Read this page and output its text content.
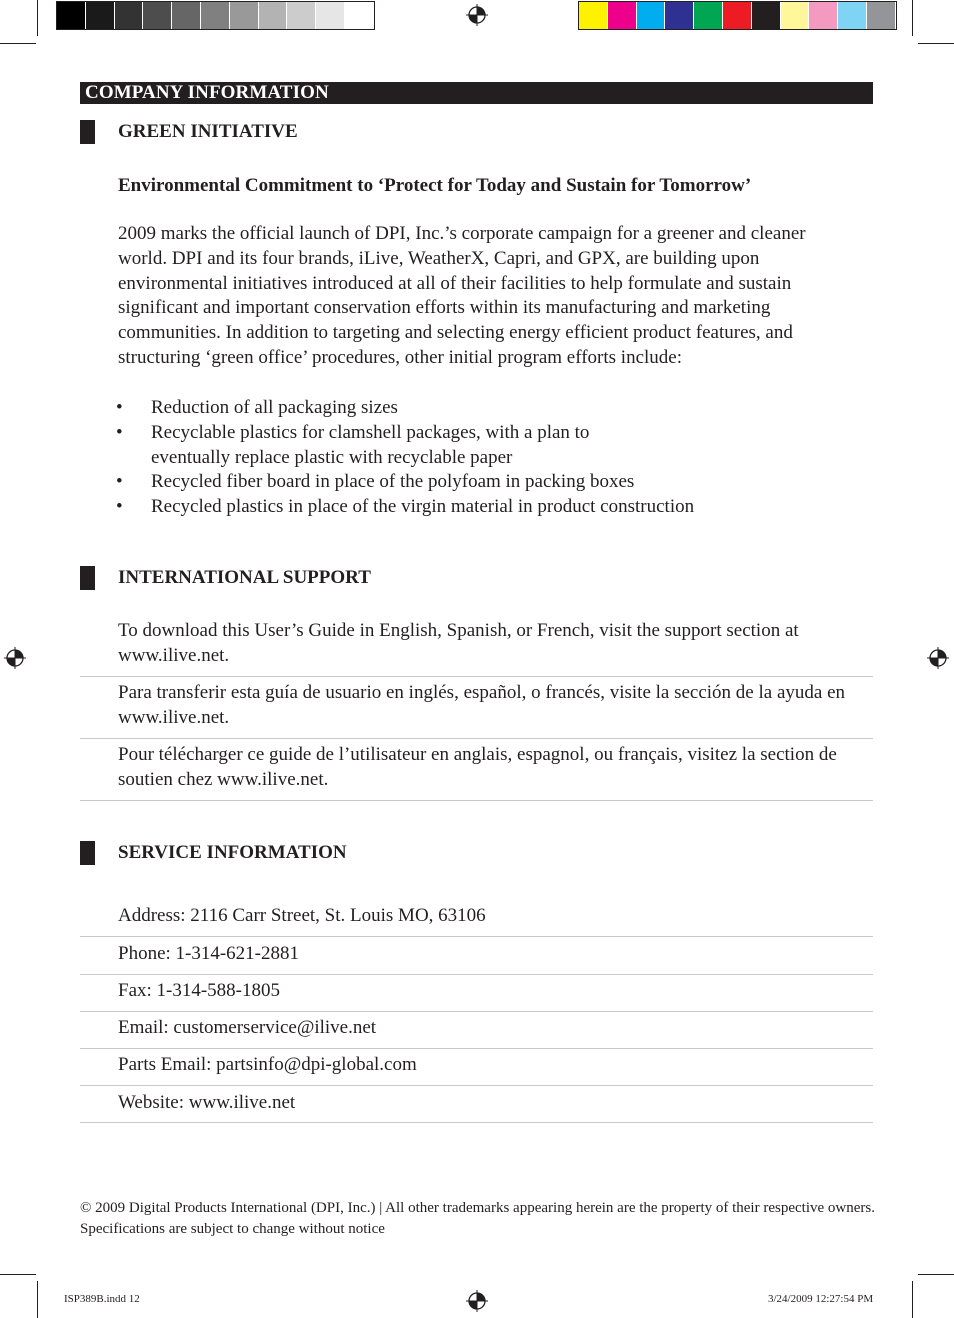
COMPANY INFORMATION
GREEN INITIATIVE
Environmental Commitment to ‘Protect for Today and Sustain for Tomorrow’

2009 marks the official launch of DPI, Inc.’s corporate campaign for a greener and cleaner world. DPI and its four brands, iLive, WeatherX, Capri, and GPX, are building upon environmental initiatives introduced at all of their facilities to help formulate and sustain significant and important conservation efforts within its manufacturing and marketing communities. In addition to targeting and selecting energy efficient product features, and structuring ‘green office’ procedures, other initial program efforts include:

• Reduction of all packaging sizes
• Recyclable plastics for clamshell packages, with a plan to eventually replace plastic with recyclable paper
• Recycled fiber board in place of the polyfoam in packing boxes
• Recycled plastics in place of the virgin material in product construction
INTERNATIONAL SUPPORT
To download this User’s Guide in English, Spanish, or French, visit the support section at www.ilive.net.
Para transferir esta guía de usuario en inglés, español, o francés, visite la sección de la ayuda en www.ilive.net.
Pour télécharger ce guide de l’utilisateur en anglais, espagnol, ou français, visitez la section de soutien chez www.ilive.net.
SERVICE INFORMATION
Address: 2116 Carr Street, St. Louis MO, 63106
Phone: 1-314-621-2881
Fax: 1-314-588-1805
Email: customerservice@ilive.net
Parts Email: partsinfo@dpi-global.com
Website: www.ilive.net
© 2009 Digital Products International (DPI, Inc.) | All other trademarks appearing herein are the property of their respective owners. Specifications are subject to change without notice
ISP389B.indd 12	3/24/2009 12:27:54 PM
